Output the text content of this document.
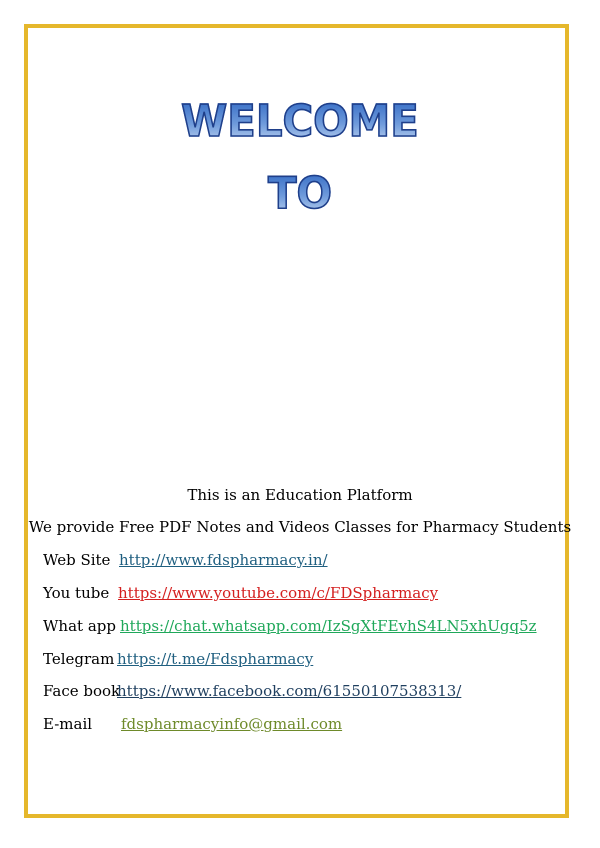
WELCOME
TO
This is an Education Platform
We provide Free PDF Notes and Videos Classes for Pharmacy Students
Web Site http://www.fdspharmacy.in/
You tube https://www.youtube.com/c/FDSpharmacy
What app https://chat.whatsapp.com/IzSgXtFEvhS4LN5xhUgq5z
Telegram https://t.me/Fdspharmacy
Face book
https://www.facebook.com/61550107538313/
E-mail fdspharmacyinfo@gmail.com
